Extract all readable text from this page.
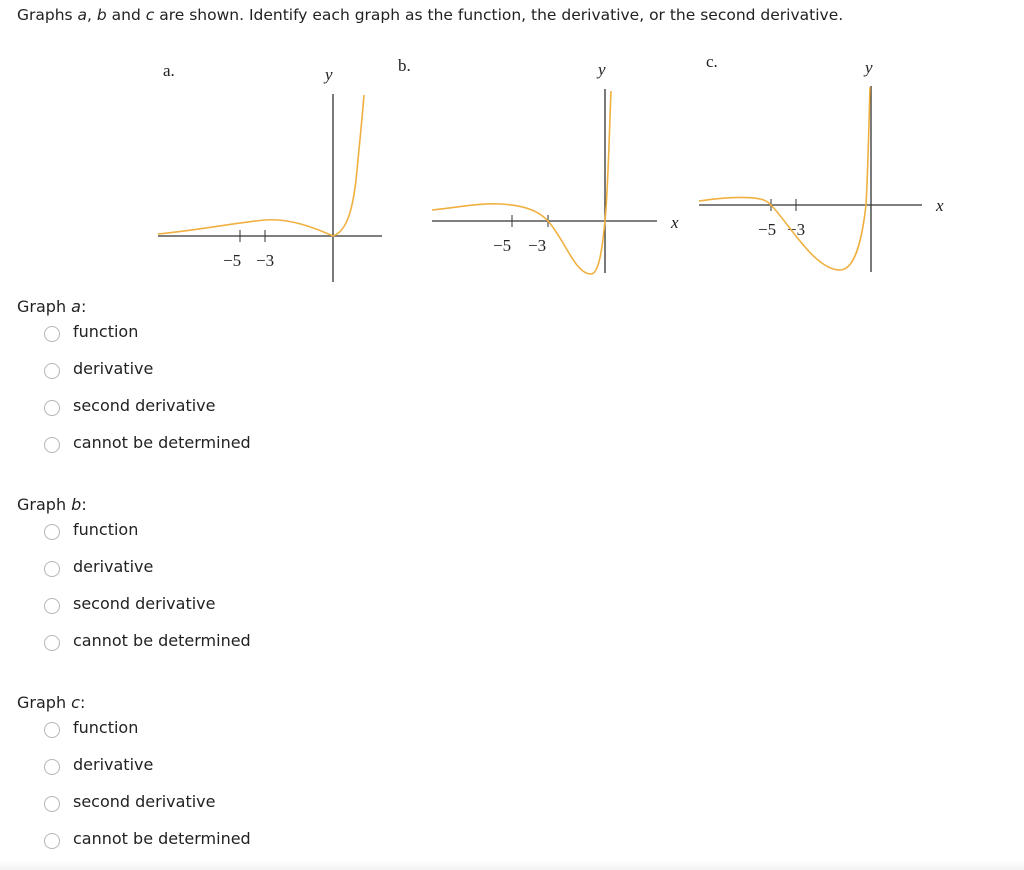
Graphs a, b and c are shown. Identify each graph as the function, the derivative, or the second derivative.
a.	y
−5 −3
b.	y
x
−5 −3
c.	y
x
−5 −3
Graph a:
function
derivative
second derivative
cannot be determined
Graph b:
function
derivative
second derivative
cannot be determined
Graph c:
function
derivative
second derivative
cannot be determined
